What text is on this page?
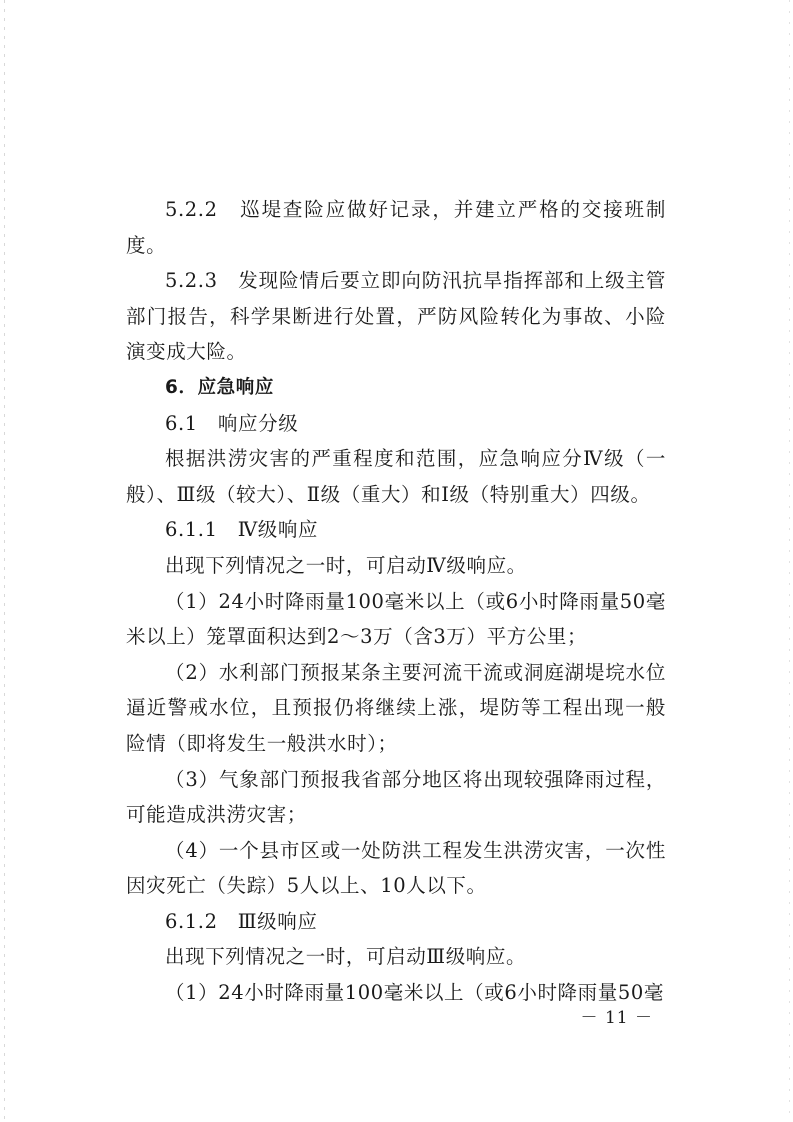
5.2.2　巡堤查险应做好记录，并建立严格的交接班制度。

5.2.3　发现险情后要立即向防汛抗旱指挥部和上级主管部门报告，科学果断进行处置，严防风险转化为事故、小险演变成大险。

6．应急响应

6.1　响应分级

根据洪涝灾害的严重程度和范围，应急响应分Ⅳ级（一般）、Ⅲ级（较大）、Ⅱ级（重大）和Ⅰ级（特别重大）四级。

6.1.1　Ⅳ级响应

出现下列情况之一时，可启动Ⅳ级响应。

（1）24小时降雨量100毫米以上（或6小时降雨量50毫米以上）笼罩面积达到2～3万（含3万）平方公里；

（2）水利部门预报某条主要河流干流或洞庭湖堤垸水位逼近警戒水位，且预报仍将继续上涨，堤防等工程出现一般险情（即将发生一般洪水时）；

（3）气象部门预报我省部分地区将出现较强降雨过程，可能造成洪涝灾害；

（4）一个县市区或一处防洪工程发生洪涝灾害，一次性因灾死亡（失踪）5人以上、10人以下。

6.1.2　Ⅲ级响应

出现下列情况之一时，可启动Ⅲ级响应。

（1）24小时降雨量100毫米以上（或6小时降雨量50毫

－ 11 －
